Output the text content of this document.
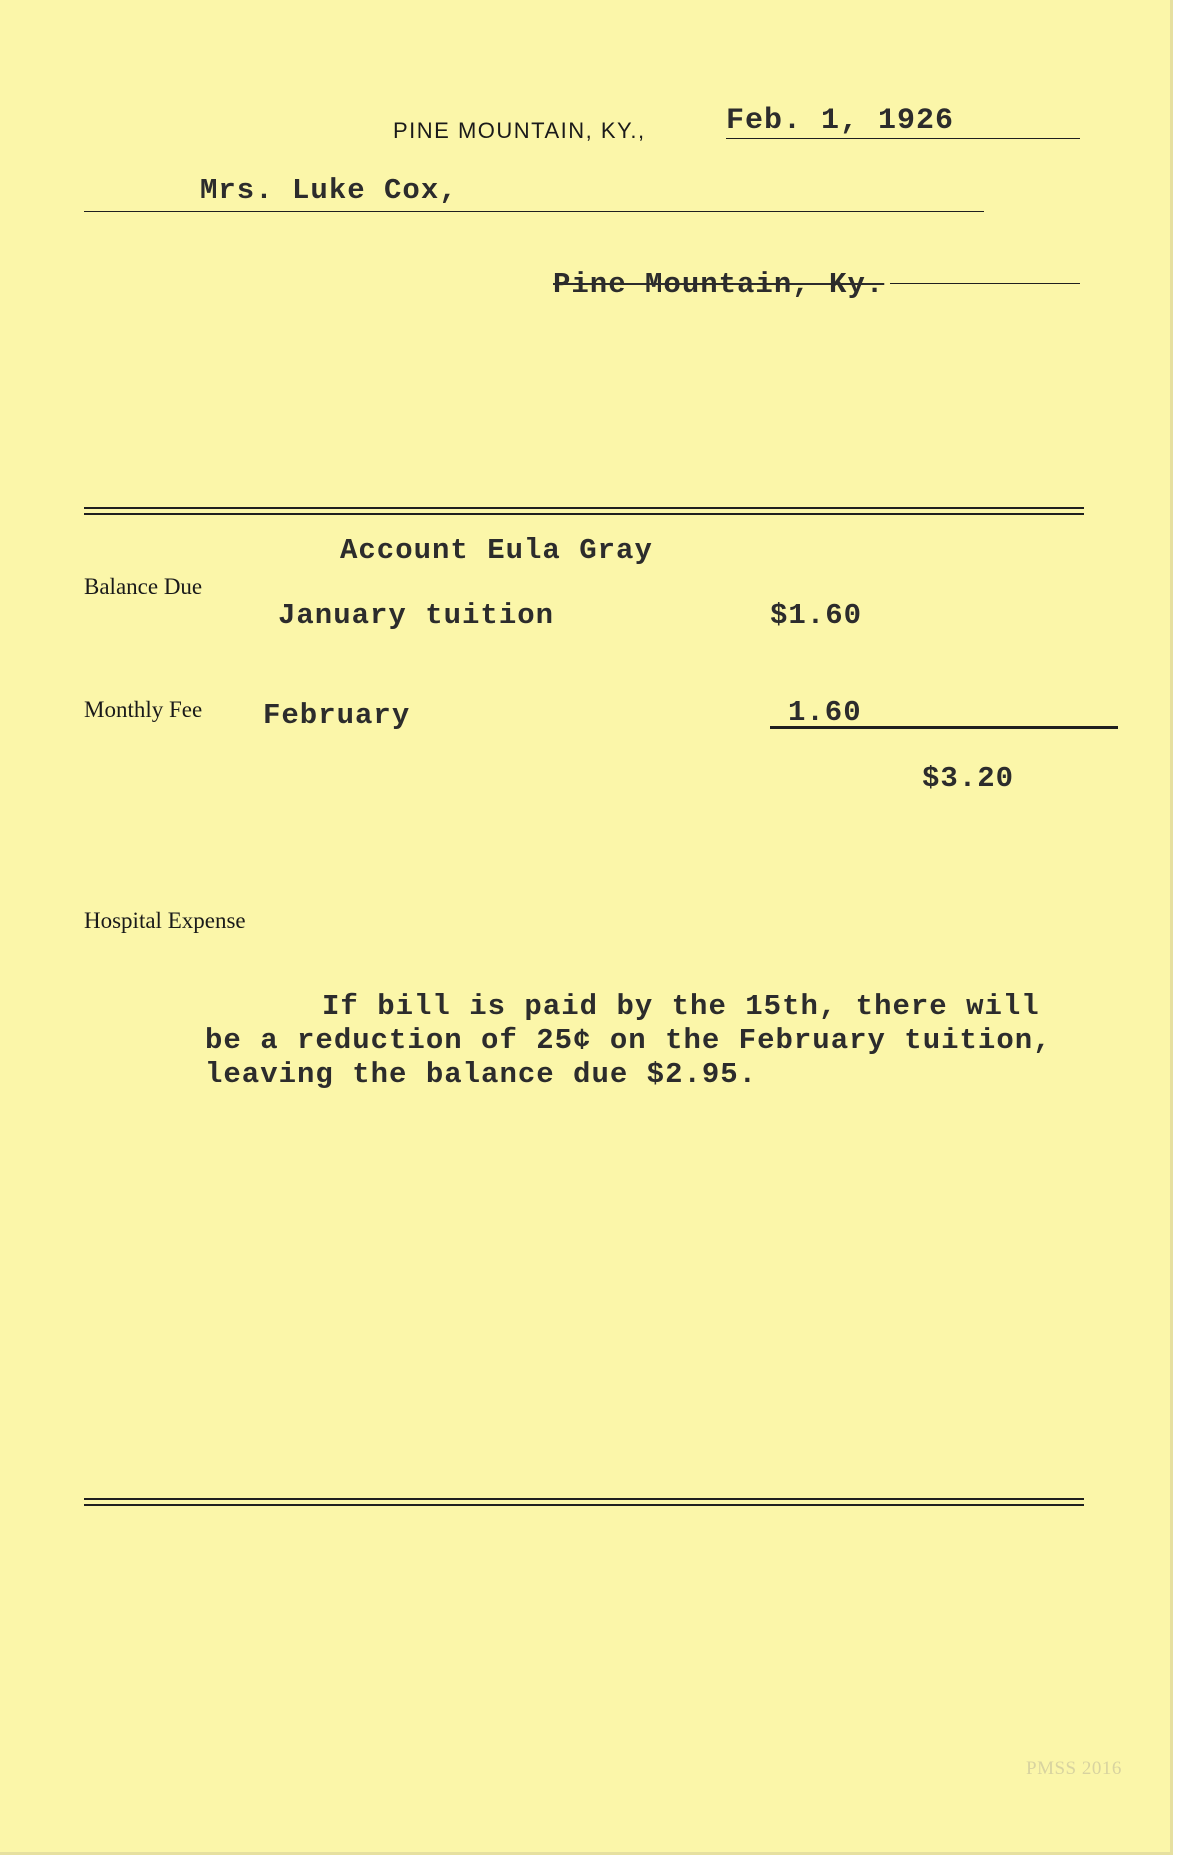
PINE MOUNTAIN, KY.,	Feb. 1, 1926
Mrs. Luke Cox,
Pine Mountain, Ky.
Account Eula Gray
Balance Due
January tuition	$1.60
Monthly Fee February	1.60
$3.20
Hospital Expense
If bill is paid by the 15th, there will
be a reduction of 25¢ on the February tuition,
leaving the balance due $2.95.
PMSS 2016
